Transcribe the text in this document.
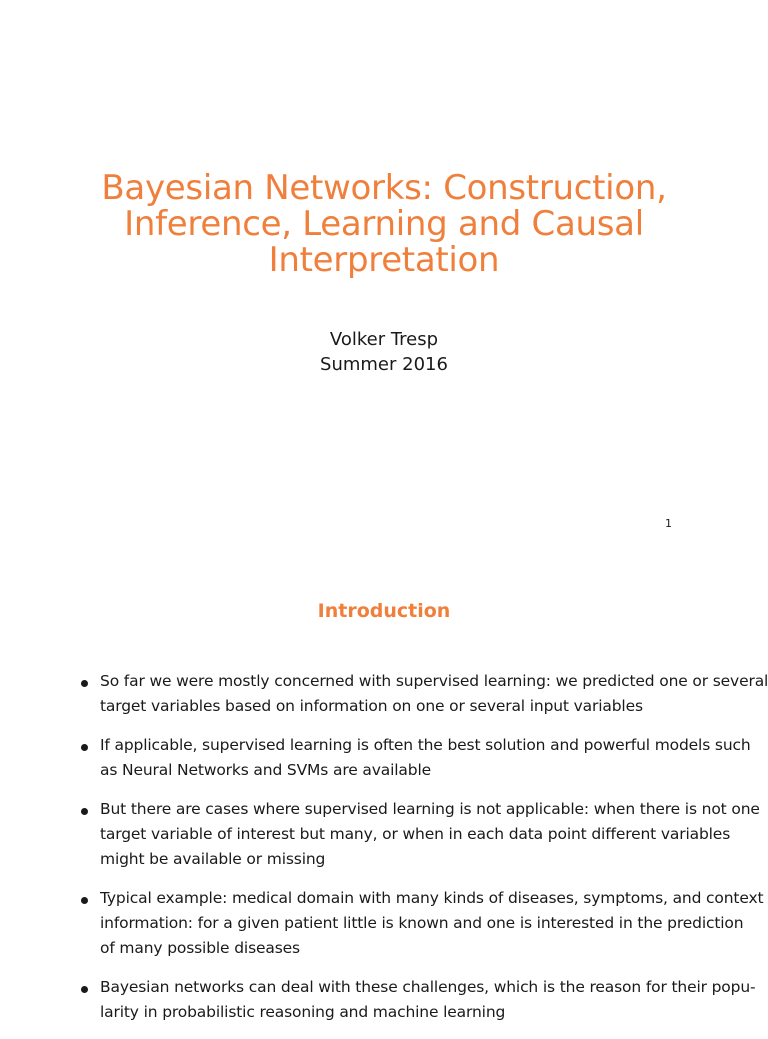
Bayesian Networks: Construction,
Inference, Learning and Causal
Interpretation
Volker Tresp
Summer 2016
1
Introduction
So far we were mostly concerned with supervised learning: we predicted one or several
target variables based on information on one or several input variables
If applicable, supervised learning is often the best solution and powerful models such
as Neural Networks and SVMs are available
But there are cases where supervised learning is not applicable: when there is not one
target variable of interest but many, or when in each data point different variables
might be available or missing
Typical example: medical domain with many kinds of diseases, symptoms, and context
information: for a given patient little is known and one is interested in the prediction
of many possible diseases
Bayesian networks can deal with these challenges, which is the reason for their popu-
larity in probabilistic reasoning and machine learning
